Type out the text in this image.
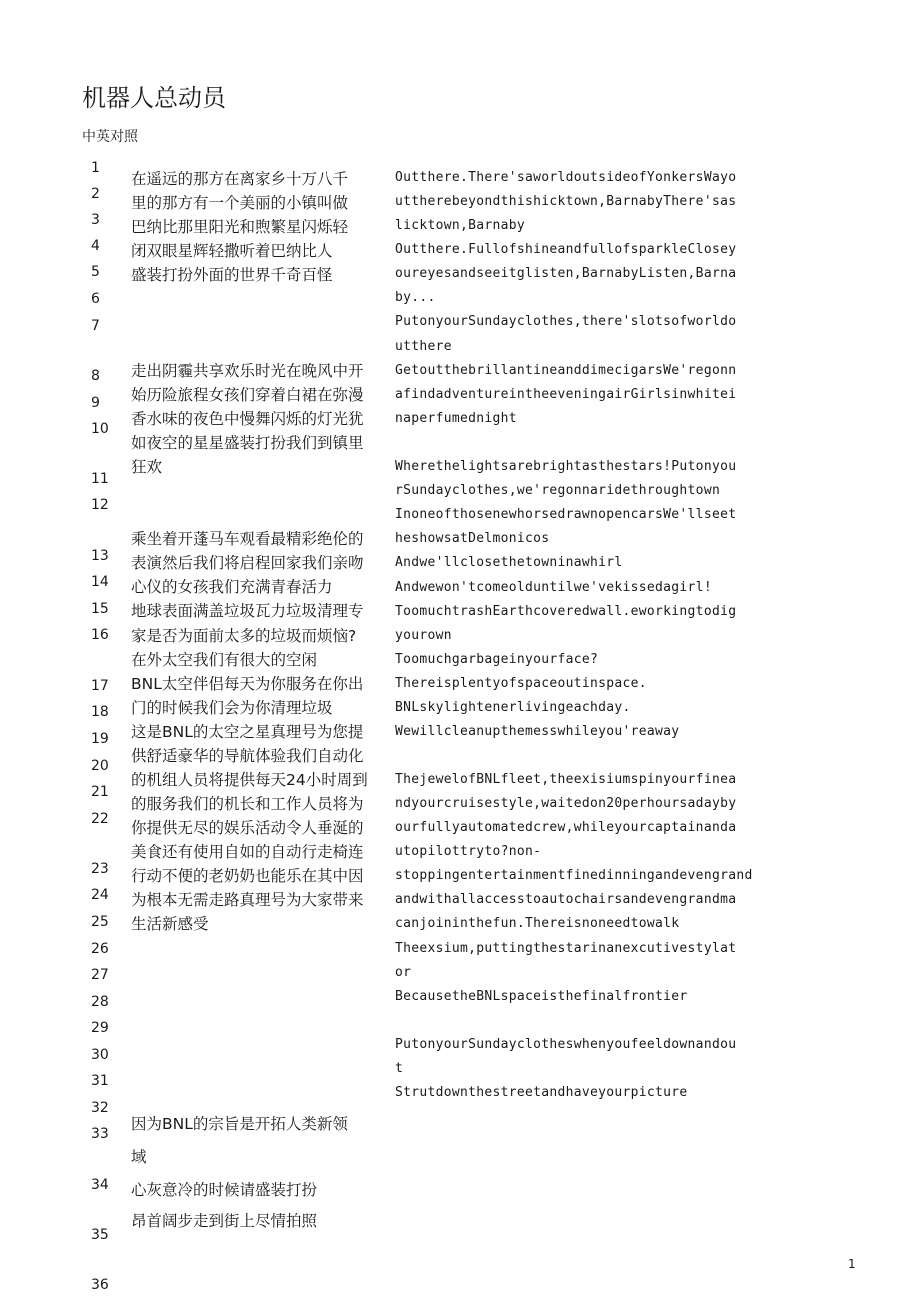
机器人总动员
中英对照
1
2
3
4
5
6
7
8
9
10
11
12
13
14
15
16
17
18
19
20
21
22
23
24
25
26
27
28
29
30
31
32
33
34
35
36
在遥远的那方在离家乡十万八千
里的那方有一个美丽的小镇叫做
巴纳比那里阳光和煦繁星闪烁轻
闭双眼星辉轻撒听着巴纳比人
盛装打扮外面的世界千奇百怪
走出阴霾共享欢乐时光在晚风中开
始历险旅程女孩们穿着白裙在弥漫
香水味的夜色中慢舞闪烁的灯光犹
如夜空的星星盛装打扮我们到镇里
狂欢
乘坐着开蓬马车观看最精彩绝伦的
表演然后我们将启程回家我们亲吻
心仪的女孩我们充满青春活力
地球表面满盖垃圾瓦力垃圾清理专
家是否为面前太多的垃圾而烦恼?
在外太空我们有很大的空闲
BNL太空伴侣每天为你服务在你出
门的时候我们会为你清理垃圾
这是BNL的太空之星真理号为您提
供舒适豪华的导航体验我们自动化
的机组人员将提供每天24小时周到
的服务我们的机长和工作人员将为
你提供无尽的娱乐活动令人垂涎的
美食还有使用自如的自动行走椅连
行动不便的老奶奶也能乐在其中因
为根本无需走路真理号为大家带来
生活新感受
因为BNL的宗旨是开拓人类新领
域
心灰意冷的时候请盛装打扮
昂首阔步走到街上尽情拍照
Outthere.There'saworldoutsideofYonkersWayo
uttherebeyondthishicktown,BarnabyThere'sas
licktown,Barnaby
Outthere.FullofshineandfullofsparkleClosey
oureyesandseeitglisten,BarnabyListen,Barna
by...
PutonyourSundayclothes,there'slotsofworldo
utthere
GetoutthebrillantineanddimecigarsWe'regonn
afindadventureintheeveningairGirlsinwhitei
naperfumednight
Wherethelightsarebrightasthestars!Putonyou
rSundayclothes,we'regonnaridethroughtown
InoneofthosenewhorsedrawnopencarsWe'llseet
heshowsatDelmonicos
Andwe'llclosethetowninawhirl
Andwewon'tcomeolduntilwe'vekissedagirl!
ToomuchtrashEarthcoveredwall.eworkingtodig
yourown
Toomuchgarbageinyourface?
Thereisplentyofspaceoutinspace.
BNLskylightenerlivingeachday.
Wewillcleanupthemesswhileyou'reaway
ThejewelofBNLfleet,theexisiumspinyourfinea
ndyourcruisestyle,waitedon20perhoursadayby
ourfullyautomatedcrew,whileyourcaptainanda
utopilottryto?non-
stoppingentertainmentfinedinningandevengrand
andwithallaccesstoautochairsandevengrandma
canjoininthefun.Thereisnoneedtowalk
Theexsium,puttingthestarinanexcutivestylat
or
BecausetheBNLspaceisthefinalfrontier
PutonyourSundayclotheswhenyoufeeldownandou
t
Strutdownthestreetandhaveyourpicture
1
